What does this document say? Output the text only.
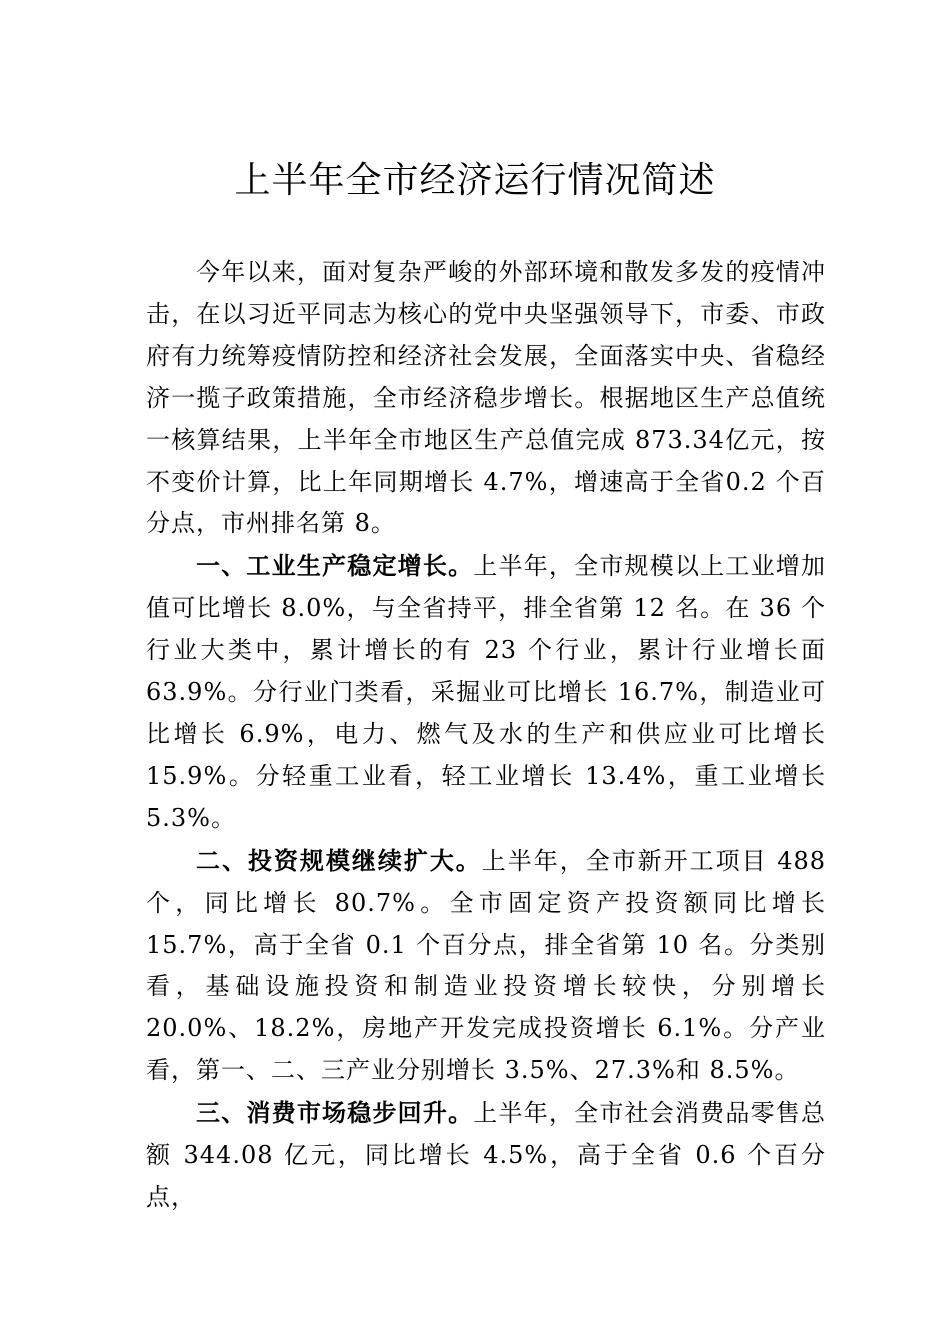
上半年全市经济运行情况简述

今年以来，面对复杂严峻的外部环境和散发多发的疫情冲击，在以习近平同志为核心的党中央坚强领导下，市委、市政府有力统筹疫情防控和经济社会发展，全面落实中央、省稳经济一揽子政策措施，全市经济稳步增长。根据地区生产总值统一核算结果，上半年全市地区生产总值完成 873.34亿元，按不变价计算，比上年同期增长 4.7%，增速高于全省0.2 个百分点，市州排名第 8。

一、工业生产稳定增长。上半年，全市规模以上工业增加值可比增长 8.0%，与全省持平，排全省第 12 名。在 36 个行业大类中，累计增长的有 23 个行业，累计行业增长面63.9%。分行业门类看，采掘业可比增长 16.7%，制造业可比增长 6.9%，电力、燃气及水的生产和供应业可比增长15.9%。分轻重工业看，轻工业增长 13.4%，重工业增长5.3%。

二、投资规模继续扩大。上半年，全市新开工项目 488个，同比增长 80.7%。全市固定资产投资额同比增长 15.7%，高于全省 0.1 个百分点，排全省第 10 名。分类别看，基础设施投资和制造业投资增长较快，分别增长 20.0%、18.2%，房地产开发完成投资增长 6.1%。分产业看，第一、二、三产业分别增长 3.5%、27.3%和 8.5%。

三、消费市场稳步回升。上半年，全市社会消费品零售总额 344.08 亿元，同比增长 4.5%，高于全省 0.6 个百分点，
